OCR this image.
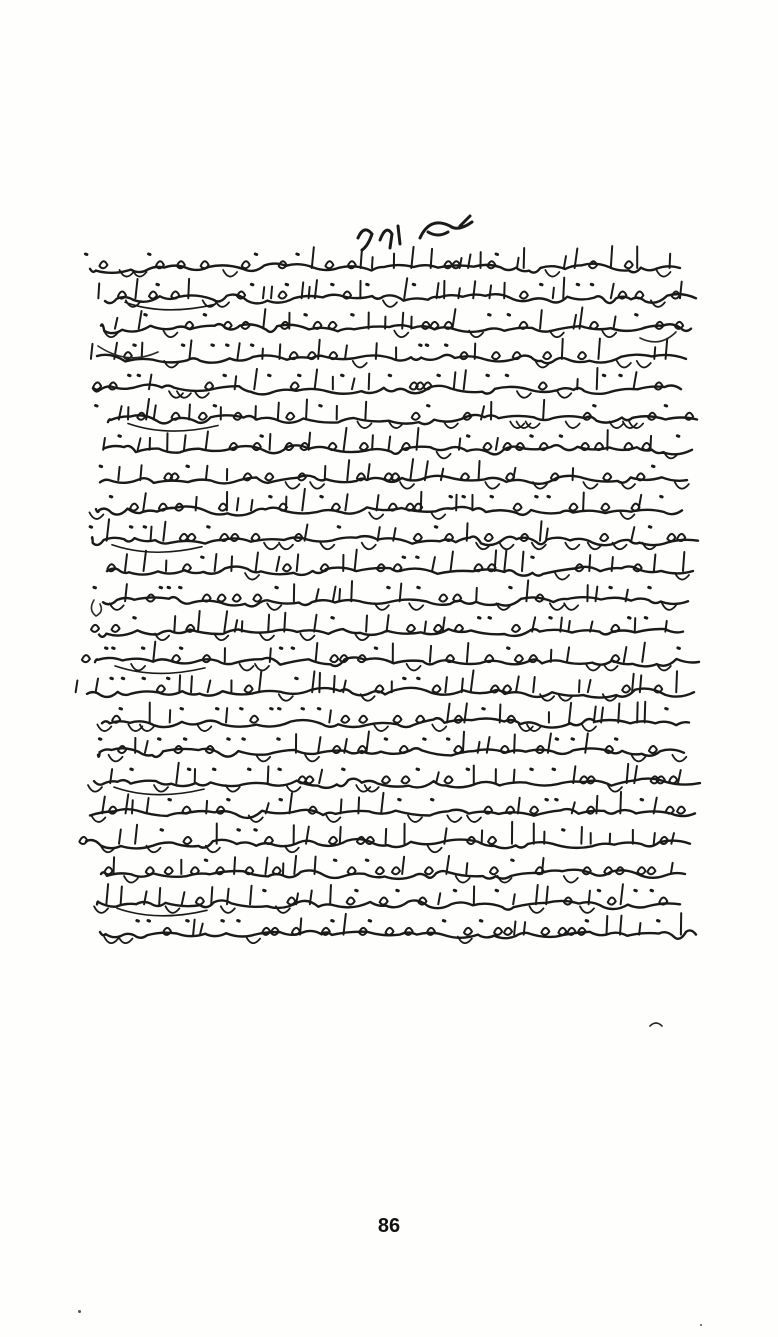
86
